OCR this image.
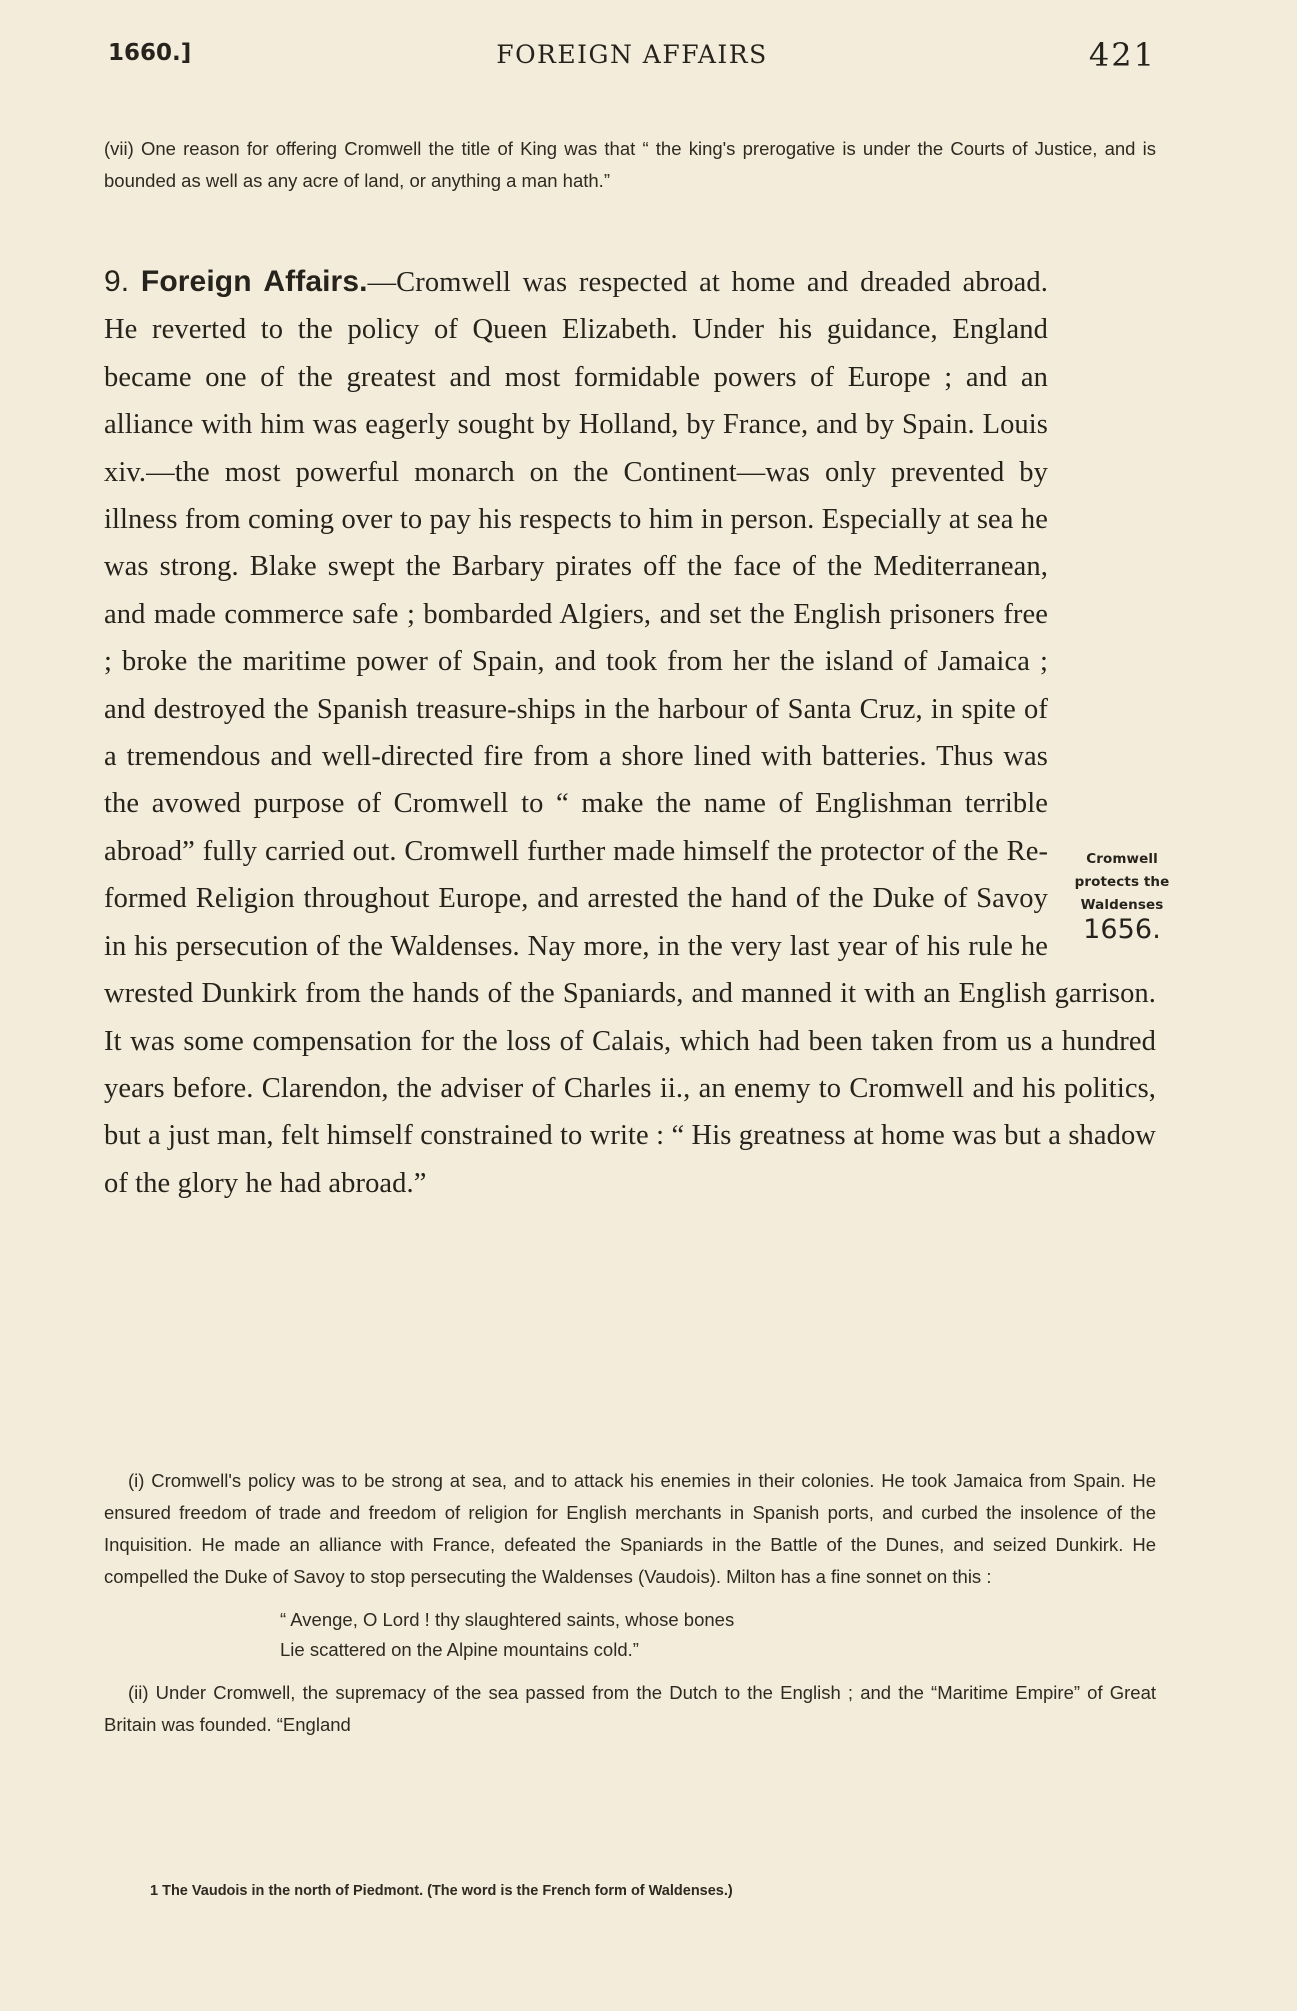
1660.]	FOREIGN AFFAIRS	421

(vii) One reason for offering Cromwell the title of King was that “ the king's prerogative is under the Courts of Justice, and is bounded as well as any acre of land, or anything a man hath.”

Cromwell protects the Waldenses
1656.
9. Foreign Affairs.—Cromwell was respected at home and dreaded abroad. He reverted to the policy of Queen Elizabeth. Under his guidance, England became one of the greatest and most formidable powers of Europe ; and an alliance with him was eagerly sought by Holland, by France, and by Spain. Louis xiv.—the most powerful monarch on the Continent—was only prevented by illness from coming over to pay his respects to him in person. Especially at sea he was strong. Blake swept the Barbary pirates off the face of the Mediterranean, and made commerce safe ; bombarded Algiers, and set the English prisoners free ; broke the maritime power of Spain, and took from her the island of Jamaica ; and destroyed the Spanish treasure-ships in the harbour of Santa Cruz, in spite of a tremendous and well-directed fire from a shore lined with batteries. Thus was the avowed purpose of Cromwell to “ make the name of Englishman terrible abroad” fully carried out. Cromwell further made himself the protector of the Reformed Religion throughout Europe, and arrested the hand of the Duke of Savoy in his persecution of the Waldenses. Nay more, in the very last year of his rule he wrested Dunkirk from the hands of the Spaniards, and manned it with an English garrison. It was some compensation for the loss of Calais, which had been taken from us a hundred years before. Clarendon, the adviser of Charles ii., an enemy to Cromwell and his politics, but a just man, felt himself constrained to write : “ His greatness at home was but a shadow of the glory he had abroad.”

(i) Cromwell's policy was to be strong at sea, and to attack his enemies in their colonies. He took Jamaica from Spain. He ensured freedom of trade and freedom of religion for English merchants in Spanish ports, and curbed the insolence of the Inquisition. He made an alliance with France, defeated the Spaniards in the Battle of the Dunes, and seized Dunkirk. He compelled the Duke of Savoy to stop persecuting the Waldenses (Vaudois). Milton has a fine sonnet on this :

“ Avenge, O Lord ! thy slaughtered saints, whose bones
Lie scattered on the Alpine mountains cold.”

(ii) Under Cromwell, the supremacy of the sea passed from the Dutch to the English ; and the “Maritime Empire” of Great Britain was founded. “England

1 The Vaudois in the north of Piedmont. (The word is the French form of Waldenses.)
